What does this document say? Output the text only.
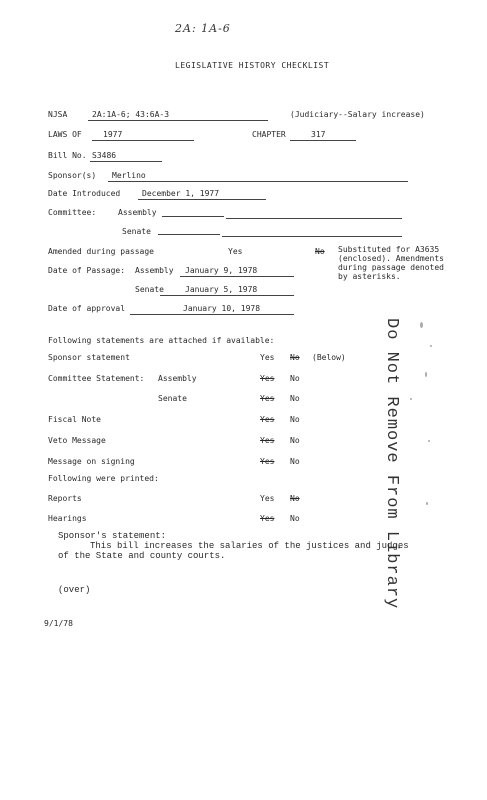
2A: 1A-6
LEGISLATIVE HISTORY CHECKLIST
NJSA	2A:1A-6; 43:6A-3	(Judiciary--Salary increase)
LAWS OF	1977	CHAPTER	317
Bill No. S3486
Sponsor(s) Merlino
Date Introduced	December 1, 1977
Committee:	Assembly
Senate
Amended during passage	Yes	No Substituted for A3635 (enclosed). Amendments during passage denoted by asterisks.
Date of Passage: Assembly January 9, 1978
Senate	January 5, 1978
Date of approval	January 10, 1978
Following statements are attached if available:
Sponsor statement	Yes No (Below)
Committee Statement: Assembly	Yes No
Senate	Yes No
Fiscal Note	Yes No
Veto Message	Yes No
Message on signing	Yes No
Following were printed:
Reports	Yes No
Hearings	Yes No
Sponsor's statement:
This bill increases the salaries of the justices and judges
of the State and county courts.
(over)
9/1/78
Do Not Remove From Library
